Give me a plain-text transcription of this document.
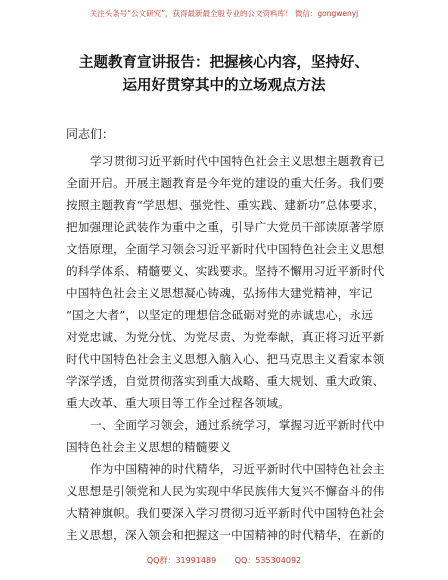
关注头条号“公文研究”，获得最新最全般专业的公文资料库！ 微信：gongwenyj
主题教育宣讲报告：把握核心内容，坚持好、
运用好贯穿其中的立场观点方法
同志们：
学习贯彻习近平新时代中国特色社会主义思想主题教育已
全面开启。开展主题教育是今年党的建设的重大任务。我们要
按照主题教育“学思想、强党性、重实践、建新功”总体要求，
把加强理论武装作为重中之重，引导广大党员干部读原著学原
文悟原理，全面学习领会习近平新时代中国特色社会主义思想
的科学体系、精髓要义、实践要求。坚持不懈用习近平新时代
中国特色社会主义思想凝心铸魂，弘扬伟大建党精神，牢记
“国之大者”，以坚定的理想信念砥砺对党的赤诚忠心，永远
对党忠诚、为党分忧、为党尽责、为党奉献，真正将习近平新
时代中国特色社会主义思想入脑入心、把马克思主义看家本领
学深学透，自觉贯彻落实到重大战略、重大规划、重大政策、
重大改革、重大项目等工作全过程各领域。
一、全面学习领会，通过系统学习，掌握习近平新时代中
国特色社会主义思想的精髓要义
作为中国精神的时代精华，习近平新时代中国特色社会主
义思想是引领党和人民为实现中华民族伟大复兴不懈奋斗的伟
大精神旗帜。我们要深入学习贯彻习近平新时代中国特色社会
主义思想，深入领会和把握这一中国精神的时代精华，在新的
QQ群：31991489 QQ：535304092
